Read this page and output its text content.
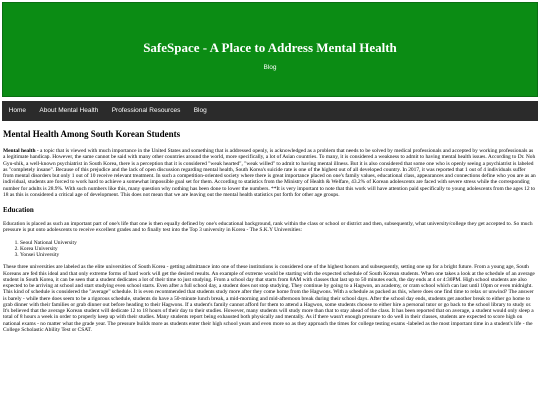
SafeSpace - A Place to Address Mental Health
Blog
Home	About Mental Health	Professional Resources	Blog
Mental Health Among South Korean Students

Mental health - a topic that is viewed with much importance in the United States and something that is addressed openly, is acknowledged as a problem that needs to be solved by medical professionals and accepted by working professionals as a legitimate handicap. However, the same cannot be said with many other countries around the world, more specifically, a lot of Asian countries. To many, it is considered a weakness to admit to having mental health issues. According to Dr. Noh Gyu-shik, a well-known psychiatrist in South Korea, there is a perception that it is considered "weak hearted", "weak willed" to admit to having mental illness. But it is also considered that some one who is openly seeing a psychiatrist is labeled as "completely insane". Because of this prejudice and the lack of open discussion regarding mental health, South Korea's suicide rate is one of the highest out of all developed country. In 2017, it was reported that 1 out of 4 individuals suffer from mental disorders but only 1 out of 10 receive relevant treatment. In such a competition-oriented society where there is great importance placed on one's family values, educational class, appearances and connections define who you are as an individual, students are forced to work hard to achieve a somewhat impossible goal set for them. According to statistics from the Ministry of Health & Welfare, 43.2% of Korean adolescents are faced with severe stress while the corresponding number for adults is 28.9%. With such numbers like this, many question why nothing has been done to lower the numbers. **It is very important to note that this work will have attention paid specifically to young adolescents from the ages 12 to 18 as this is considered a critical age of development. This does not mean that we are leaving out the mental health statistics put forth for other age groups.

Education

Education is placed as such an important part of one's life that one is then equally defined by one's educational background, rank within the class or school or district and then, subsequently, what university/college they get accepted to. So much pressure is put onto adolescents to receive excellent grades and to finally test into the Top 3 university in Korea - The S.K.Y Universities:

1. Seoul National University
2. Korea University
3. Yonsei University

These three universities are labeled as the elite universities of South Korea - getting admittance into one of these institutions is considered one of the highest honors and subsequently, setting one up for a bright future. From a young age, South Koreans are fed this ideal and that only extreme forms of hard work will get the desired results. An example of extreme would be starting with the expected schedule of South Korean students. When one takes a look at the schedule of an average student in South Korea, it can be seen that a student dedicates a lot of their time to just studying. From a school day that starts from 8AM with classes that last up to 50 minutes each, the day ends at 4 or 4:30PM. High school students are also expected to be arriving at school and start studying even school starts. Even after a full school day, a student does not stop studying. They continue by going to a Hagwon, an academy, or cram school which can last until 10pm or even midnight. This kind of schedule is considered the "average" schedule. It is even recommended that students study more after they come home from the Hagwons. With a schedule as packed as this, where does one find time to relax or unwind? The answer is barely - while there does seem to be a rigorous schedule, students do have a 50-minute lunch break, a mid-morning and mid-afternoon break during their school days. After the school day ends, students get another break to either go home to grab dinner with their families or grab dinner out before heading to their Hagwons. If a student's family cannot afford for them to attend a Hagwon, some students choose to either hire a personal tutor or go back to the school library to study or. It's believed that the average Korean student will dedicate 12 to 18 hours of their day to their studies. However, many students will study more than that to stay ahead of the class. It has been reported that on average, a student would only sleep a total of 8 hours a week in order to properly keep up with their studies. Many students report being exhausted both physically and mentally. As if there wasn't enough pressure to do well in their classes, students are expected to score high on national exams - no matter what the grade year. The pressure builds more as students enter their high school years and even more so as they approach the times for college testing exams -labeled as the most important time in a student's life - the College Scholastic Ability Test or CSAT.
